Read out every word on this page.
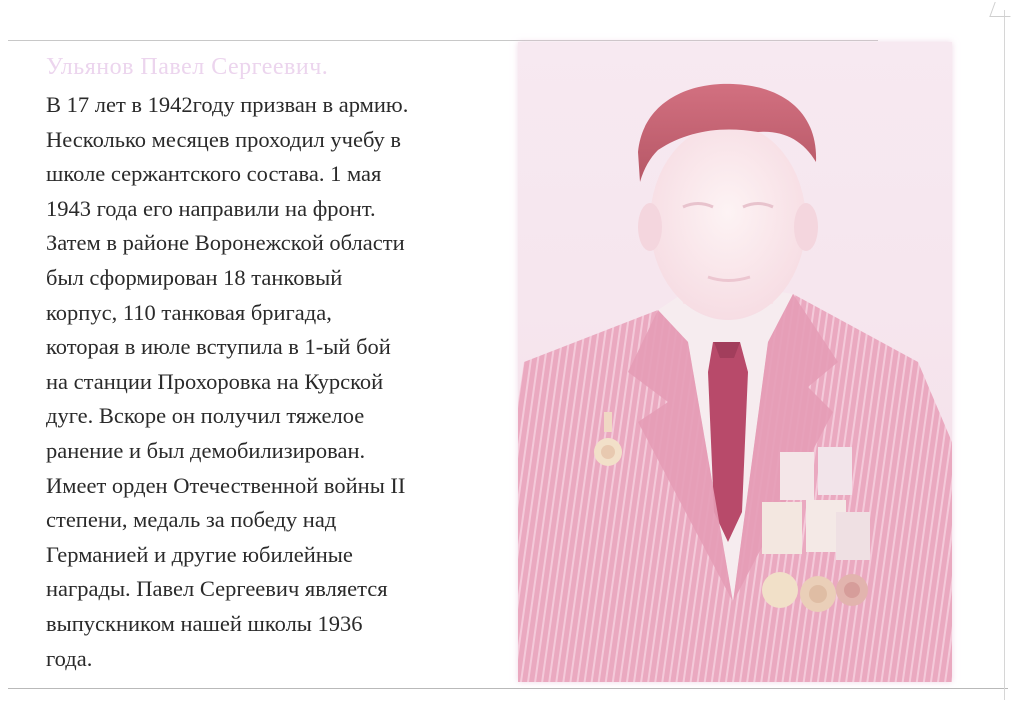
Ульянов Павел Сергеевич.
В 17 лет в 1942году призван в армию.
Несколько месяцев проходил учебу в
школе сержантского состава. 1 мая
1943 года его направили на фронт.
Затем в районе Воронежской области
был сформирован 18 танковый
корпус, 110 танковая бригада,
которая в июле вступила в 1-ый бой
на станции Прохоровка на Курской
дуге. Вскоре он получил тяжелое
ранение и был демобилизирован.
Имеет орден Отечественной войны II
степени, медаль за победу над
Германией и другие юбилейные
награды. Павел Сергеевич является
выпускником нашей школы 1936
года.
